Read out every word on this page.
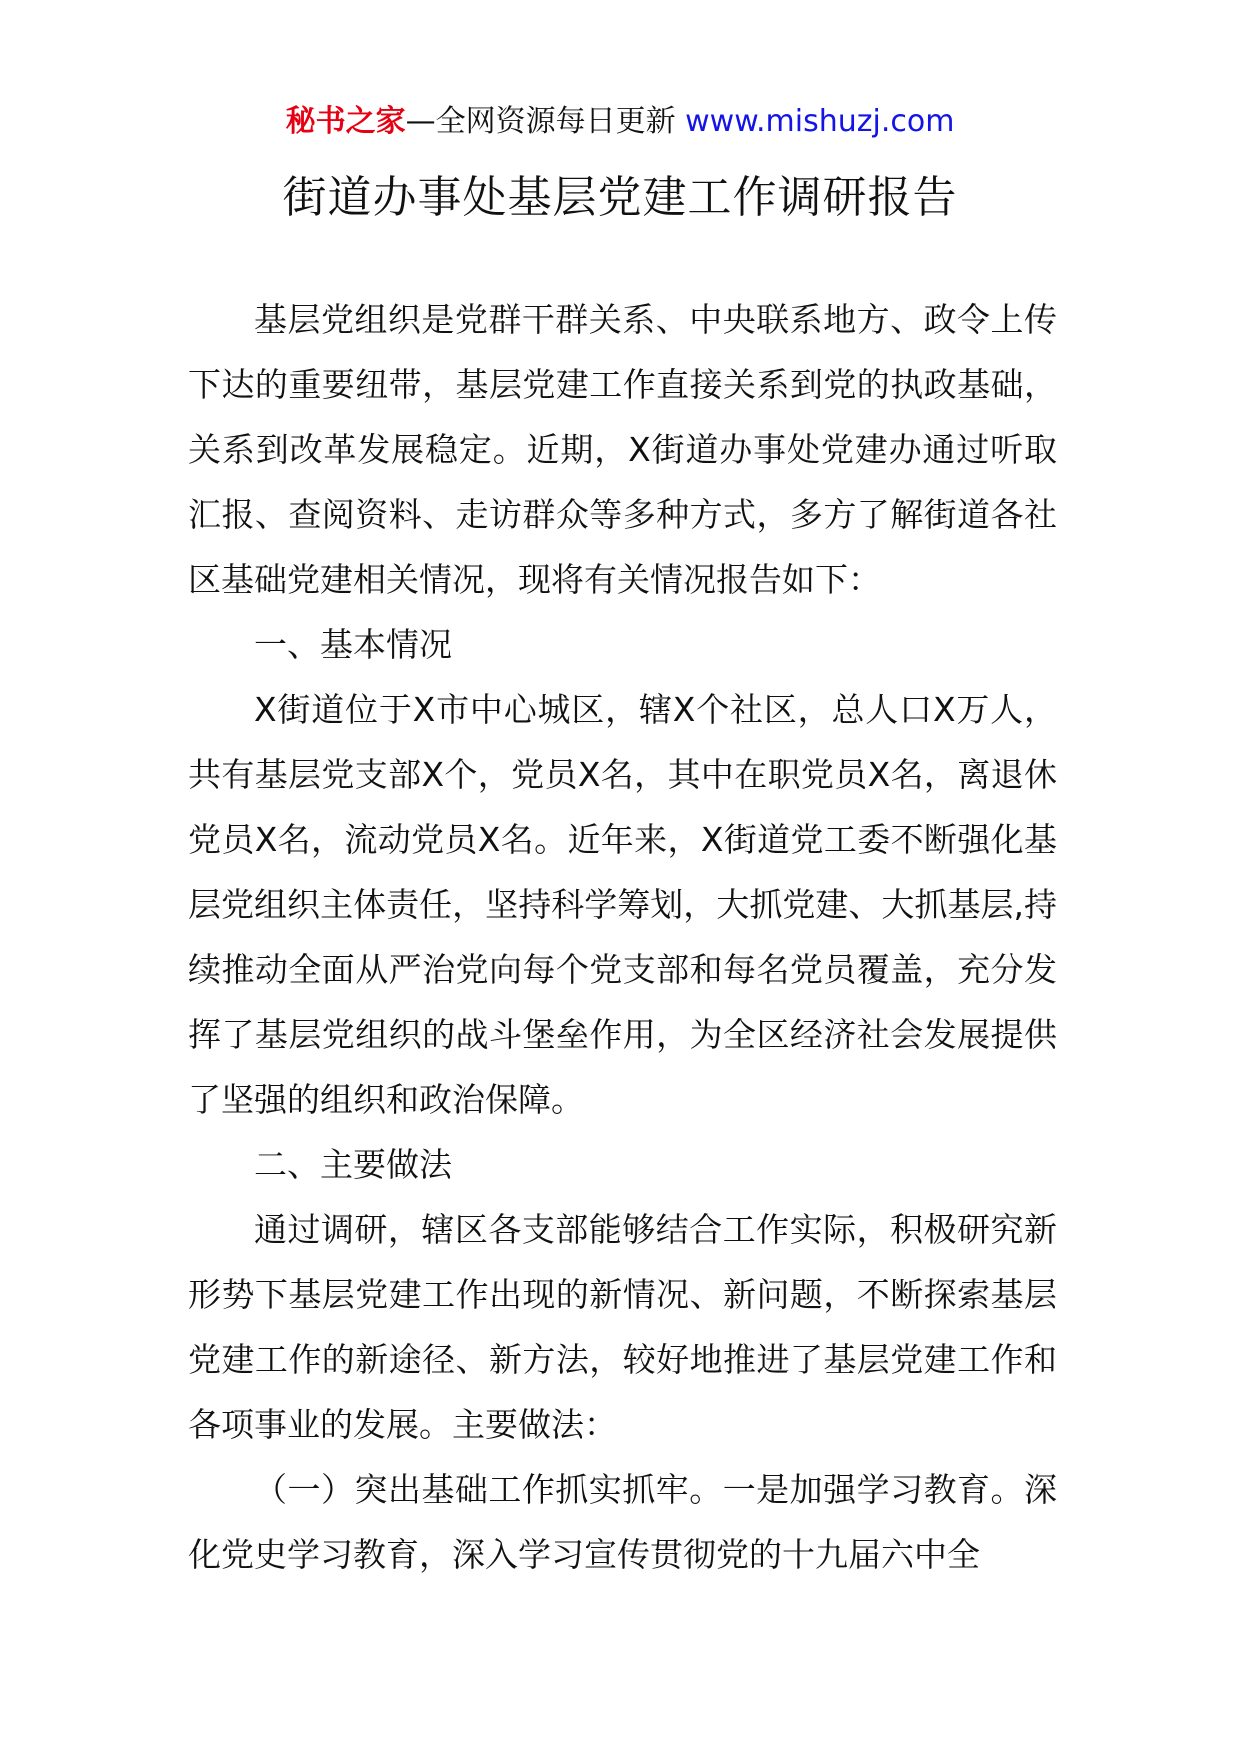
秘书之家—全网资源每日更新 www.mishuzj.com
街道办事处基层党建工作调研报告

基层党组织是党群干群关系、中央联系地方、政令上传下达的重要纽带，基层党建工作直接关系到党的执政基础，关系到改革发展稳定。近期，X街道办事处党建办通过听取汇报、查阅资料、走访群众等多种方式，多方了解街道各社区基础党建相关情况，现将有关情况报告如下：

一、基本情况

X街道位于X市中心城区，辖X个社区，总人口X万人，共有基层党支部X个，党员X名，其中在职党员X名，离退休党员X名，流动党员X名。近年来，X街道党工委不断强化基层党组织主体责任，坚持科学筹划，大抓党建、大抓基层,持续推动全面从严治党向每个党支部和每名党员覆盖，充分发挥了基层党组织的战斗堡垒作用，为全区经济社会发展提供了坚强的组织和政治保障。

二、主要做法

通过调研，辖区各支部能够结合工作实际，积极研究新形势下基层党建工作出现的新情况、新问题，不断探索基层党建工作的新途径、新方法，较好地推进了基层党建工作和各项事业的发展。主要做法：

（一）突出基础工作抓实抓牢。一是加强学习教育。深化党史学习教育，深入学习宣传贯彻党的十九届六中全
